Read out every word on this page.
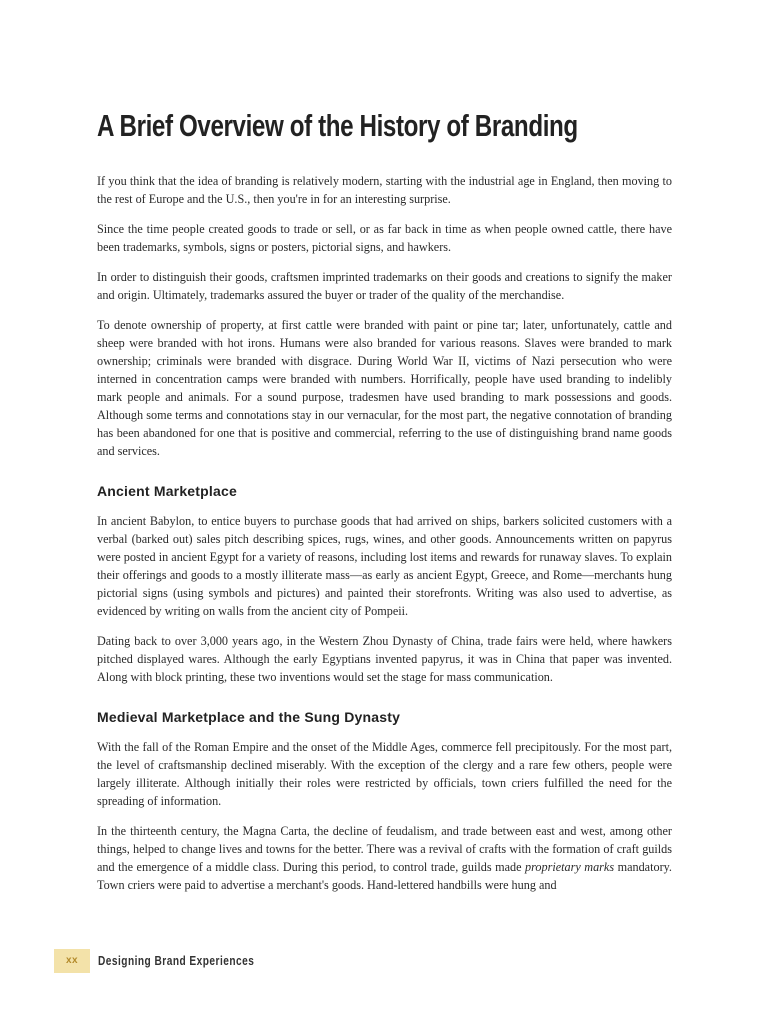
A Brief Overview of the History of Branding

If you think that the idea of branding is relatively modern, starting with the industrial age in England, then moving to the rest of Europe and the U.S., then you're in for an interesting surprise.

Since the time people created goods to trade or sell, or as far back in time as when people owned cattle, there have been trademarks, symbols, signs or posters, pictorial signs, and hawkers.

In order to distinguish their goods, craftsmen imprinted trademarks on their goods and creations to signify the maker and origin. Ultimately, trademarks assured the buyer or trader of the quality of the merchandise.

To denote ownership of property, at first cattle were branded with paint or pine tar; later, unfortunately, cattle and sheep were branded with hot irons. Humans were also branded for various reasons. Slaves were branded to mark ownership; criminals were branded with disgrace. During World War II, victims of Nazi persecution who were interned in concentration camps were branded with numbers. Horrifically, people have used branding to indelibly mark people and animals. For a sound purpose, tradesmen have used branding to mark possessions and goods. Although some terms and connotations stay in our vernacular, for the most part, the negative connotation of branding has been abandoned for one that is positive and commercial, referring to the use of distinguishing brand name goods and services.

Ancient Marketplace

In ancient Babylon, to entice buyers to purchase goods that had arrived on ships, barkers solicited customers with a verbal (barked out) sales pitch describing spices, rugs, wines, and other goods. Announcements written on papyrus were posted in ancient Egypt for a variety of reasons, including lost items and rewards for runaway slaves. To explain their offerings and goods to a mostly illiterate mass—as early as ancient Egypt, Greece, and Rome—merchants hung pictorial signs (using symbols and pictures) and painted their storefronts. Writing was also used to advertise, as evidenced by writing on walls from the ancient city of Pompeii.

Dating back to over 3,000 years ago, in the Western Zhou Dynasty of China, trade fairs were held, where hawkers pitched displayed wares. Although the early Egyptians invented papyrus, it was in China that paper was invented. Along with block printing, these two inventions would set the stage for mass communication.

Medieval Marketplace and the Sung Dynasty

With the fall of the Roman Empire and the onset of the Middle Ages, commerce fell precipitously. For the most part, the level of craftsmanship declined miserably. With the exception of the clergy and a rare few others, people were largely illiterate. Although initially their roles were restricted by officials, town criers fulfilled the need for the spreading of information.

In the thirteenth century, the Magna Carta, the decline of feudalism, and trade between east and west, among other things, helped to change lives and towns for the better. There was a revival of crafts with the formation of craft guilds and the emergence of a middle class. During this period, to control trade, guilds made proprietary marks mandatory. Town criers were paid to advertise a merchant's goods. Hand-lettered handbills were hung and

xx	Designing Brand Experiences
